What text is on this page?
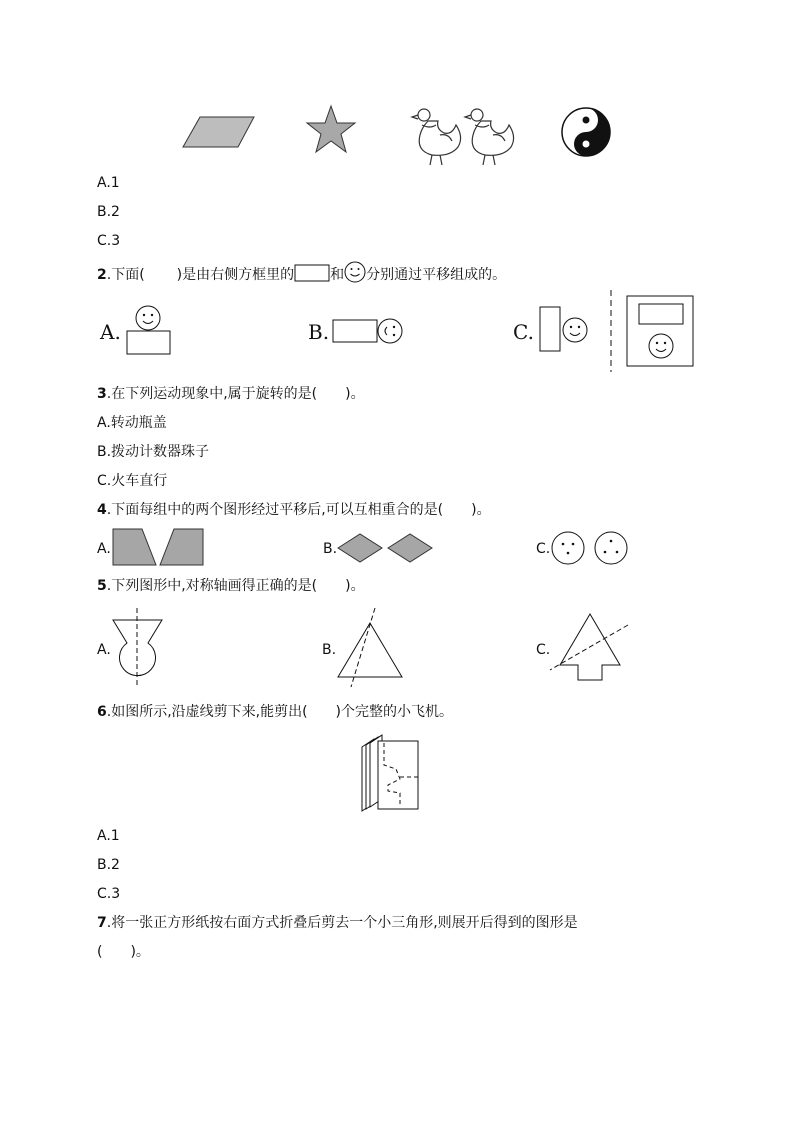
A.1
B.2
C.3
2.下面( )是由右侧方框里的	和 分别通过平移组成的。
A.	B.	C.
3.在下列运动现象中,属于旋转的是(　　)。
A.转动瓶盖
B.拨动计数器珠子
C.火车直行
4.下面每组中的两个图形经过平移后,可以互相重合的是(　　)。
A.	B.	C.
5.下列图形中,对称轴画得正确的是(　　)。
A.	B.	C.
6.如图所示,沿虚线剪下来,能剪出(　　)个完整的小飞机。
A.1
B.2
C.3
7.将一张正方形纸按右面方式折叠后剪去一个小三角形,则展开后得到的图形是
(　　)。
